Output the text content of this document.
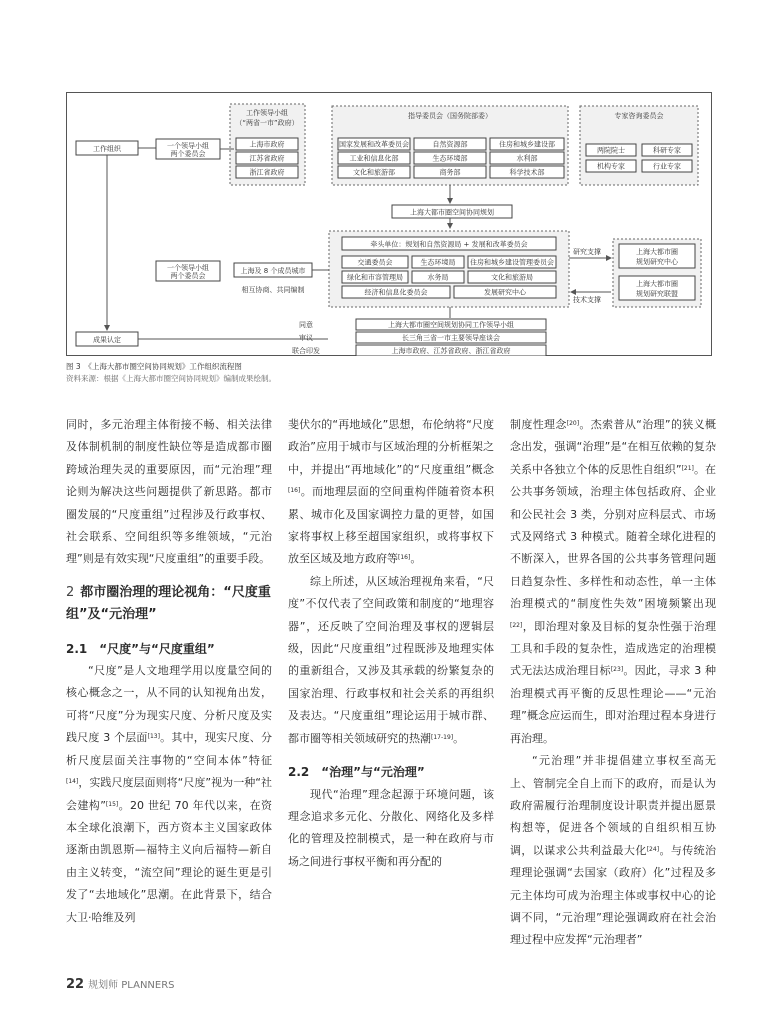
工作组织
成果认定
一个领导小组
两个委员会
工作领导小组
（“两省一市”政府）
上海市政府
江苏省政府
浙江省政府
指导委员会（国务院部委）
国家发展和改革委员会	自然资源部	住房和城乡建设部
工业和信息化部	生态环境部	水利部
文化和旅游部	商务部	科学技术部
专家咨询委员会
两院院士	科研专家
机构专家	行业专家
上海大都市圈空间协同规划
一个领导小组
两个委员会
上海及 8 个成员城市
相互协商、共同编制
牵头单位：规划和自然资源局 + 发展和改革委员会
交通委员会	生态环境局 住房和城乡建设管理委员会
绿化和市容管理局	水务局	文化和旅游局
经济和信息化委员会	发展研究中心
研究支撑
技术支撑
上海大都市圈
规划研究中心
上海大都市圈
规划研究联盟
同意	上海大都市圈空间规划协同工作领导小组
审议	长三角三省一市主要领导座谈会
联合印发	上海市政府、江苏省政府、浙江省政府
图 3　《上海大都市圈空间协同规划》工作组织流程图
资料来源：根据《上海大都市圈空间协同规划》编制成果绘制。

同时，多元治理主体衔接不畅、相关法律及体制机制的制度性缺位等是造成都市圈跨域治理失灵的重要原因，而“元治理”理论则为解决这些问题提供了新思路。都市圈发展的“尺度重组”过程涉及行政事权、社会联系、空间组织等多维领域，“元治理”则是有效实现“尺度重组”的重要手段。

2 都市圈治理的理论视角：“尺度重组”及“元治理”
2.1 “尺度”与“尺度重组”

“尺度”是人文地理学用以度量空间的核心概念之一，从不同的认知视角出发，可将“尺度”分为现实尺度、分析尺度及实践尺度 3 个层面[13]。其中，现实尺度、分析尺度层面关注事物的“空间本体”特征[14]，实践尺度层面则将“尺度”视为一种“社会建构”[15]。20 世纪 70 年代以来，在资本全球化浪潮下，西方资本主义国家政体逐渐由凯恩斯—福特主义向后福特—新自由主义转变，“流空间”理论的诞生更是引发了“去地域化”思潮。在此背景下，结合大卫·哈维及列

斐伏尔的“再地域化”思想，布伦纳将“尺度政治”应用于城市与区域治理的分析框架之中，并提出“再地域化”的“尺度重组”概念[16]。而地理层面的空间重构伴随着资本积累、城市化及国家调控力量的更替，如国家将事权上移至超国家组织，或将事权下放至区域及地方政府等[16]。

综上所述，从区域治理视角来看，“尺度”不仅代表了空间政策和制度的“地理容器”，还反映了空间治理及事权的逻辑层级，因此“尺度重组”过程既涉及地理实体的重新组合，又涉及其承载的纷繁复杂的国家治理、行政事权和社会关系的再组织及表达。“尺度重组”理论运用于城市群、都市圈等相关领域研究的热潮[17-19]。

2.2 “治理”与“元治理”

现代“治理”理念起源于环境问题，该理念追求多元化、分散化、网络化及多样化的管理及控制模式，是一种在政府与市场之间进行事权平衡和再分配的

制度性理念[20]。杰索普从“治理”的狭义概念出发，强调“治理”是“在相互依赖的复杂关系中各独立个体的反思性自组织”[21]。在公共事务领域，治理主体包括政府、企业和公民社会 3 类，分别对应科层式、市场式及网络式 3 种模式。随着全球化进程的不断深入，世界各国的公共事务管理问题日趋复杂性、多样性和动态性，单一主体治理模式的“制度性失效”困境频繁出现[22]，即治理对象及目标的复杂性强于治理工具和手段的复杂性，造成选定的治理模式无法达成治理目标[23]。因此，寻求 3 种治理模式再平衡的反思性理论——“元治理”概念应运而生，即对治理过程本身进行再治理。

“元治理”并非提倡建立事权至高无上、管制完全自上而下的政府，而是认为政府需履行治理制度设计职责并提出愿景构想等，促进各个领域的自组织相互协调，以谋求公共利益最大化[24]。与传统治理理论强调“去国家（政府）化”过程及多元主体均可成为治理主体或事权中心的论调不同，“元治理”理论强调政府在社会治理过程中应发挥“元治理者”

22 规划师 PLANNERS
